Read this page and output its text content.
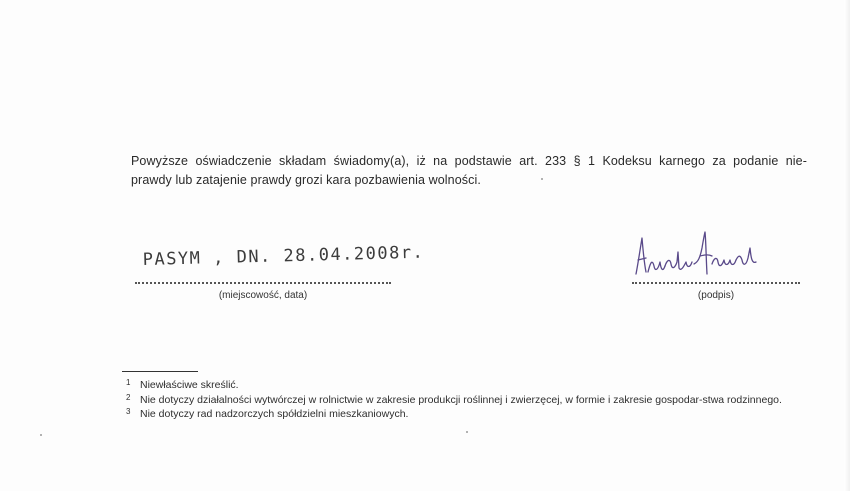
Powyższe oświadczenie składam świadomy(a), iż na podstawie art. 233 § 1 Kodeksu karnego za podanie nie-
prawdy lub zatajenie prawdy grozi kara pozbawienia wolności.
PASYM , DN. 28.04.2008r.
(miejscowość, data)	(podpis)
1 Niewłaściwe skreślić.
2 Nie dotyczy działalności wytwórczej w rolnictwie w zakresie produkcji roślinnej i zwierzęcej, w formie i zakresie gospodar-stwa rodzinnego.
3 Nie dotyczy rad nadzorczych spółdzielni mieszkaniowych.
